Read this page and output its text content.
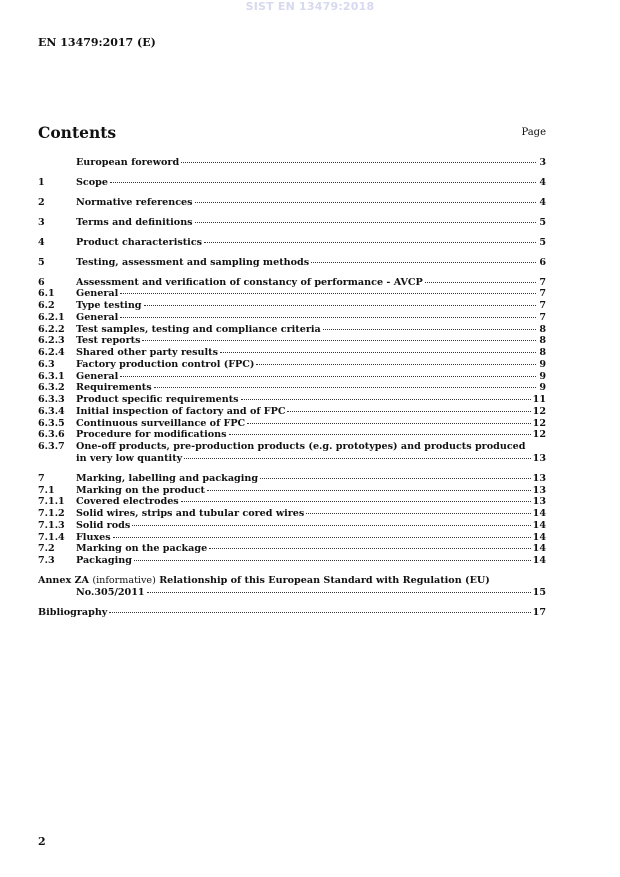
SIST EN 13479:2018
EN 13479:2017 (E)
Contents	Page
European foreword	3
1	Scope	4
2	Normative references	4
3	Terms and definitions	5
4	Product characteristics	5
5	Testing, assessment and sampling methods	6
6	Assessment and verification of constancy of performance - AVCP	7
6.1	General	7
6.2	Type testing	7
6.2.1	General	7
6.2.2	Test samples, testing and compliance criteria	8
6.2.3	Test reports	8
6.2.4	Shared other party results	8
6.3	Factory production control (FPC)	9
6.3.1	General	9
6.3.2	Requirements	9
6.3.3	Product specific requirements	11
6.3.4	Initial inspection of factory and of FPC	12
6.3.5	Continuous surveillance of FPC	12
6.3.6	Procedure for modifications	12
6.3.7	One-off products, pre-production products (e.g. prototypes) and products produced
in very low quantity	13
7	Marking, labelling and packaging	13
7.1	Marking on the product	13
7.1.1	Covered electrodes	13
7.1.2	Solid wires, strips and tubular cored wires	14
7.1.3	Solid rods	14
7.1.4	Fluxes	14
7.2	Marking on the package	14
7.3	Packaging	14
Annex ZA (informative) Relationship of this European Standard with Regulation (EU)
No.305/2011	15
Bibliography	17
2
